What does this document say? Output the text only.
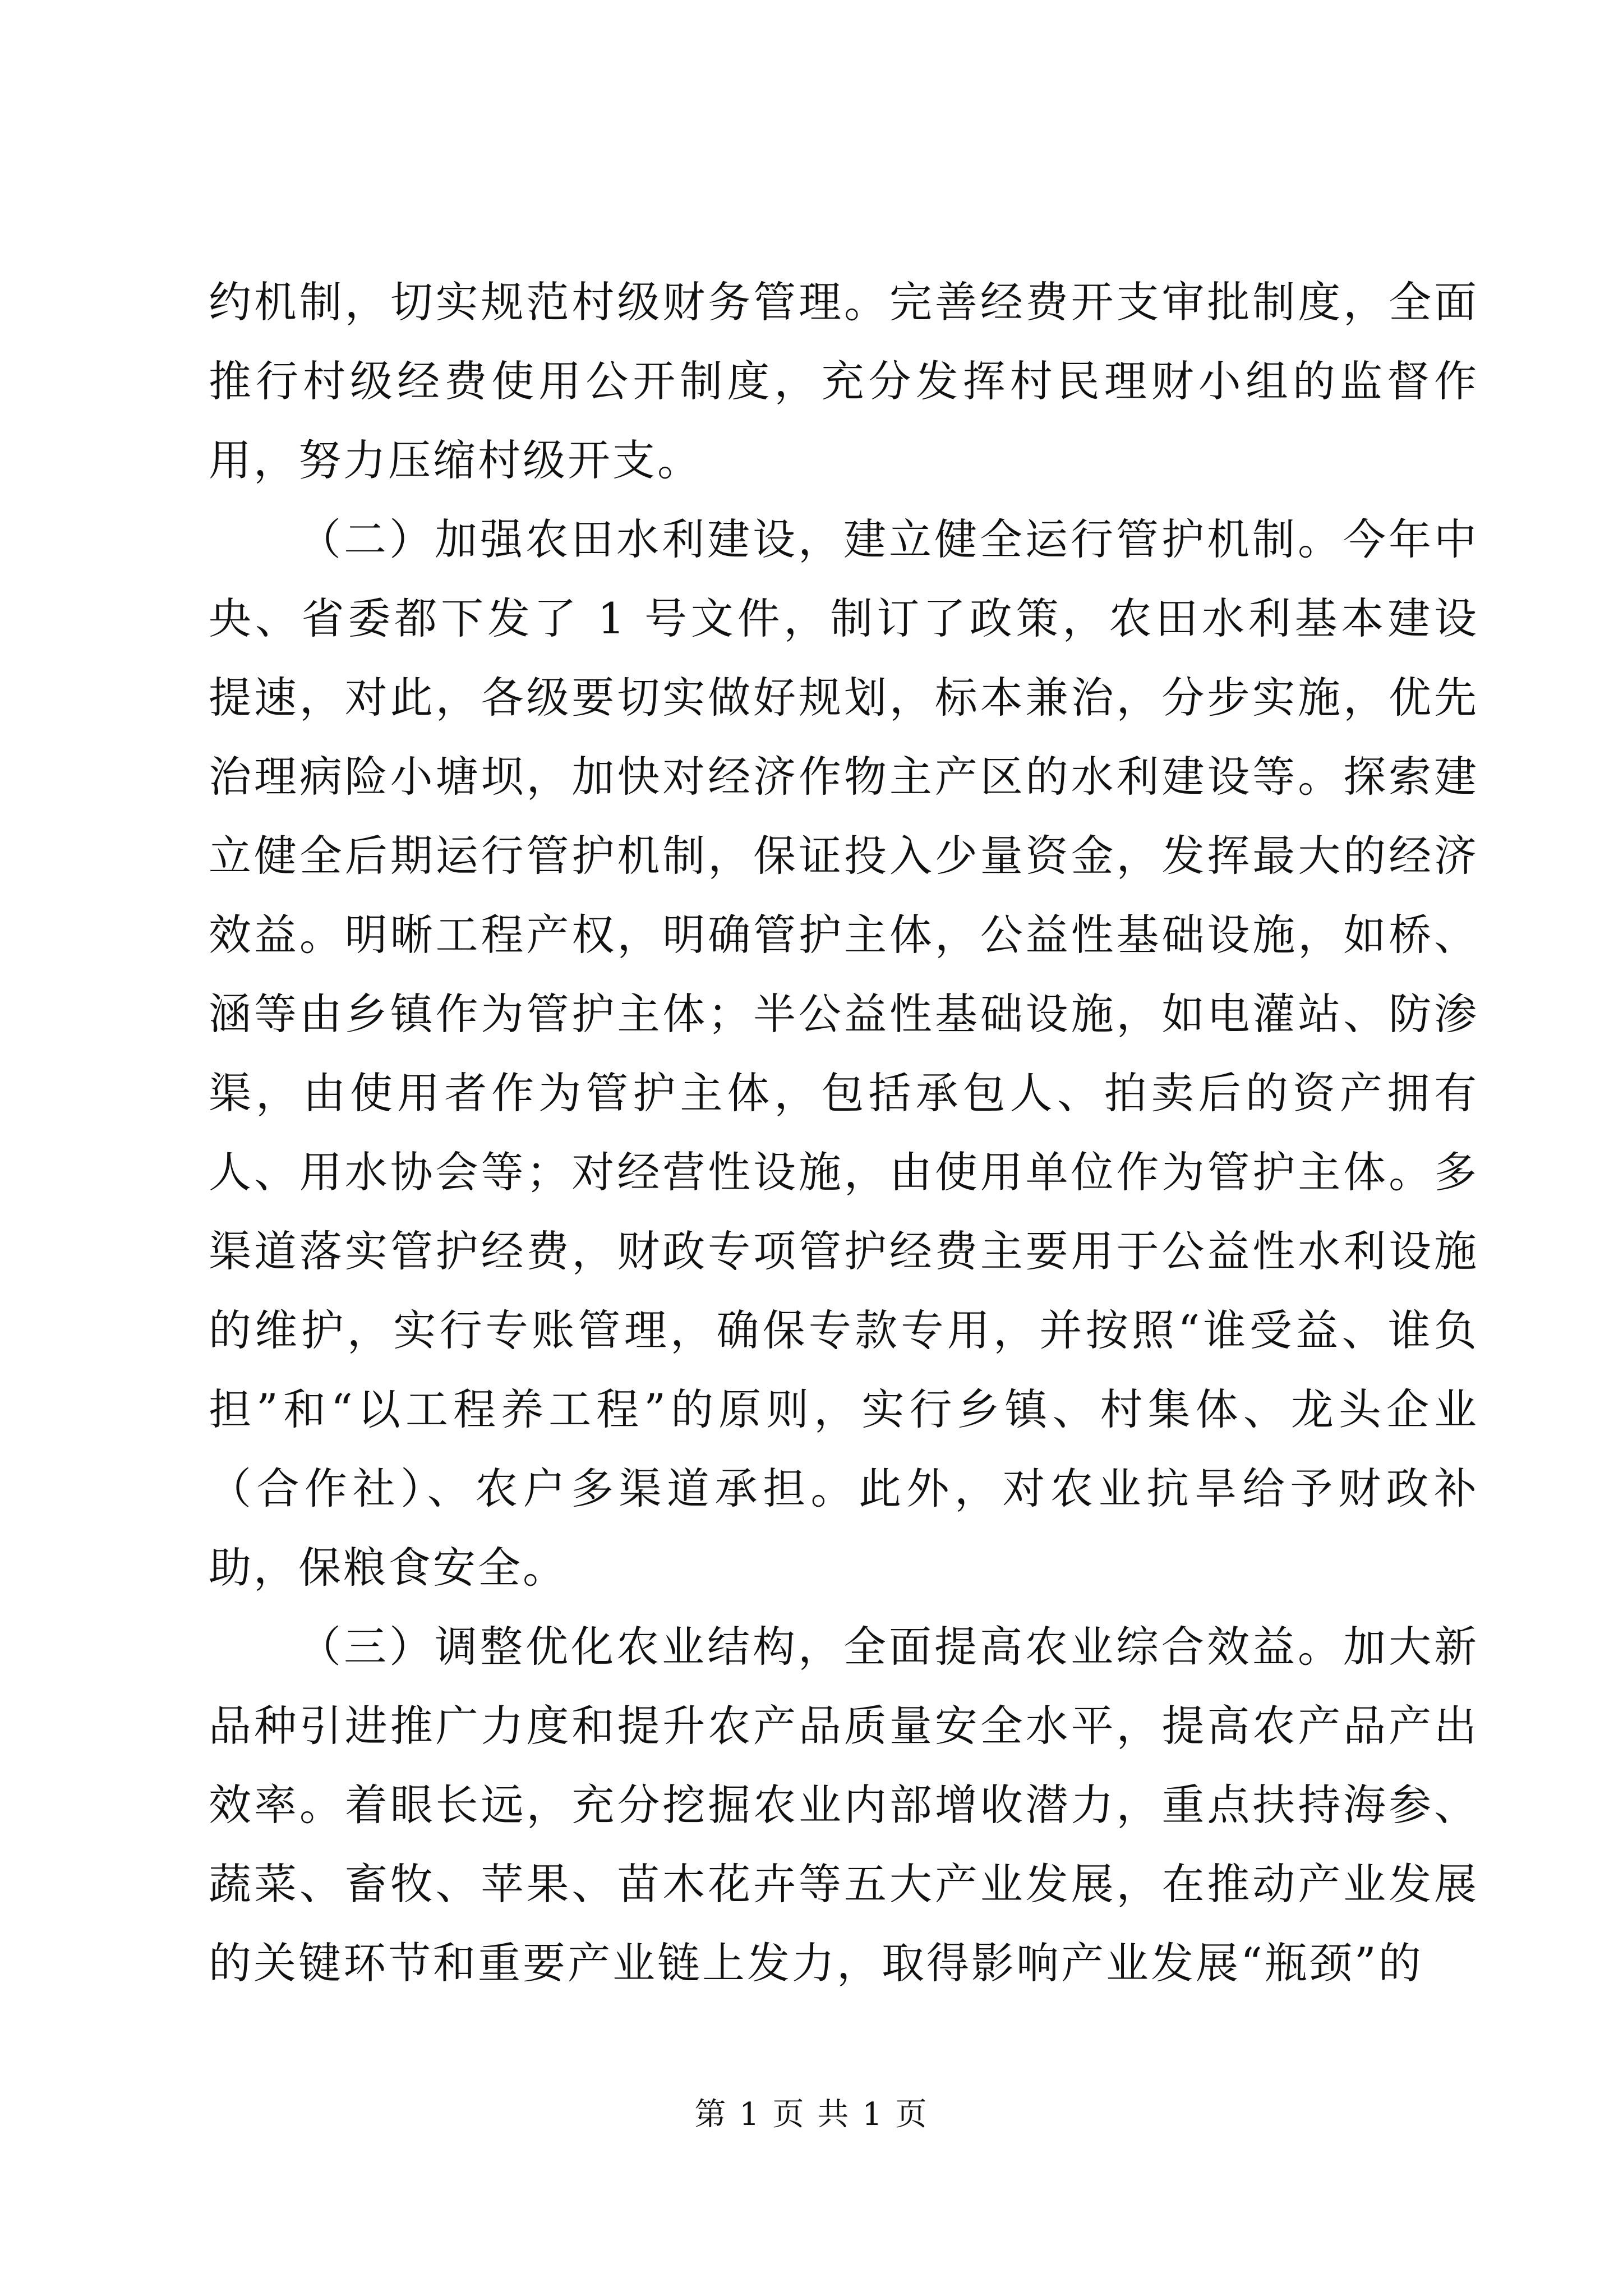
约机制，切实规范村级财务管理。完善经费开支审批制度，全面推行村级经费使用公开制度，充分发挥村民理财小组的监督作用，努力压缩村级开支。

（二）加强农田水利建设，建立健全运行管护机制。今年中央、省委都下发了 1 号文件，制订了政策，农田水利基本建设提速，对此，各级要切实做好规划，标本兼治，分步实施，优先治理病险小塘坝，加快对经济作物主产区的水利建设等。探索建立健全后期运行管护机制，保证投入少量资金，发挥最大的经济效益。明晰工程产权，明确管护主体，公益性基础设施，如桥、涵等由乡镇作为管护主体；半公益性基础设施，如电灌站、防渗渠，由使用者作为管护主体，包括承包人、拍卖后的资产拥有人、用水协会等；对经营性设施，由使用单位作为管护主体。多渠道落实管护经费，财政专项管护经费主要用于公益性水利设施的维护，实行专账管理，确保专款专用，并按照“谁受益、谁负担”和“以工程养工程”的原则，实行乡镇、村集体、龙头企业（合作社）、农户多渠道承担。此外，对农业抗旱给予财政补助，保粮食安全。

（三）调整优化农业结构，全面提高农业综合效益。加大新品种引进推广力度和提升农产品质量安全水平，提高农产品产出效率。着眼长远，充分挖掘农业内部增收潜力，重点扶持海参、蔬菜、畜牧、苹果、苗木花卉等五大产业发展，在推动产业发展的关键环节和重要产业链上发力，取得影响产业发展“瓶颈”的

第 1 页 共 1 页
